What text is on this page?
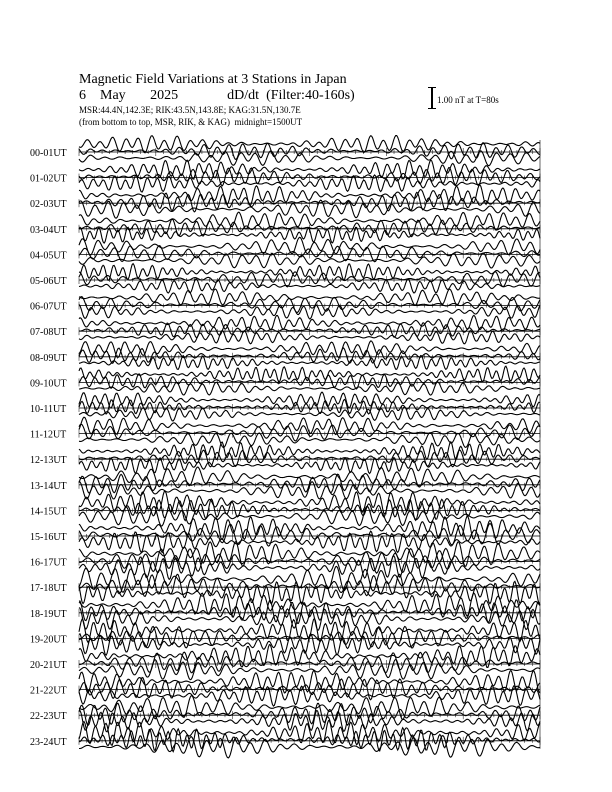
Magnetic Field Variations at 3 Stations in Japan
6 May 2025	dD/dt (Filter:40-160s)
MSR:44.4N,142.3E; RIK:43.5N,143.8E; KAG:31.5N,130.7E
(from bottom to top, MSR, RIK, & KAG)  midnight=1500UT
1.00 nT at T=80s
00-01UT
01-02UT
02-03UT
03-04UT
04-05UT
05-06UT
06-07UT
07-08UT
08-09UT
09-10UT
10-11UT
11-12UT
12-13UT
13-14UT
14-15UT
15-16UT
16-17UT
17-18UT
18-19UT
19-20UT
20-21UT
21-22UT
22-23UT
23-24UT
